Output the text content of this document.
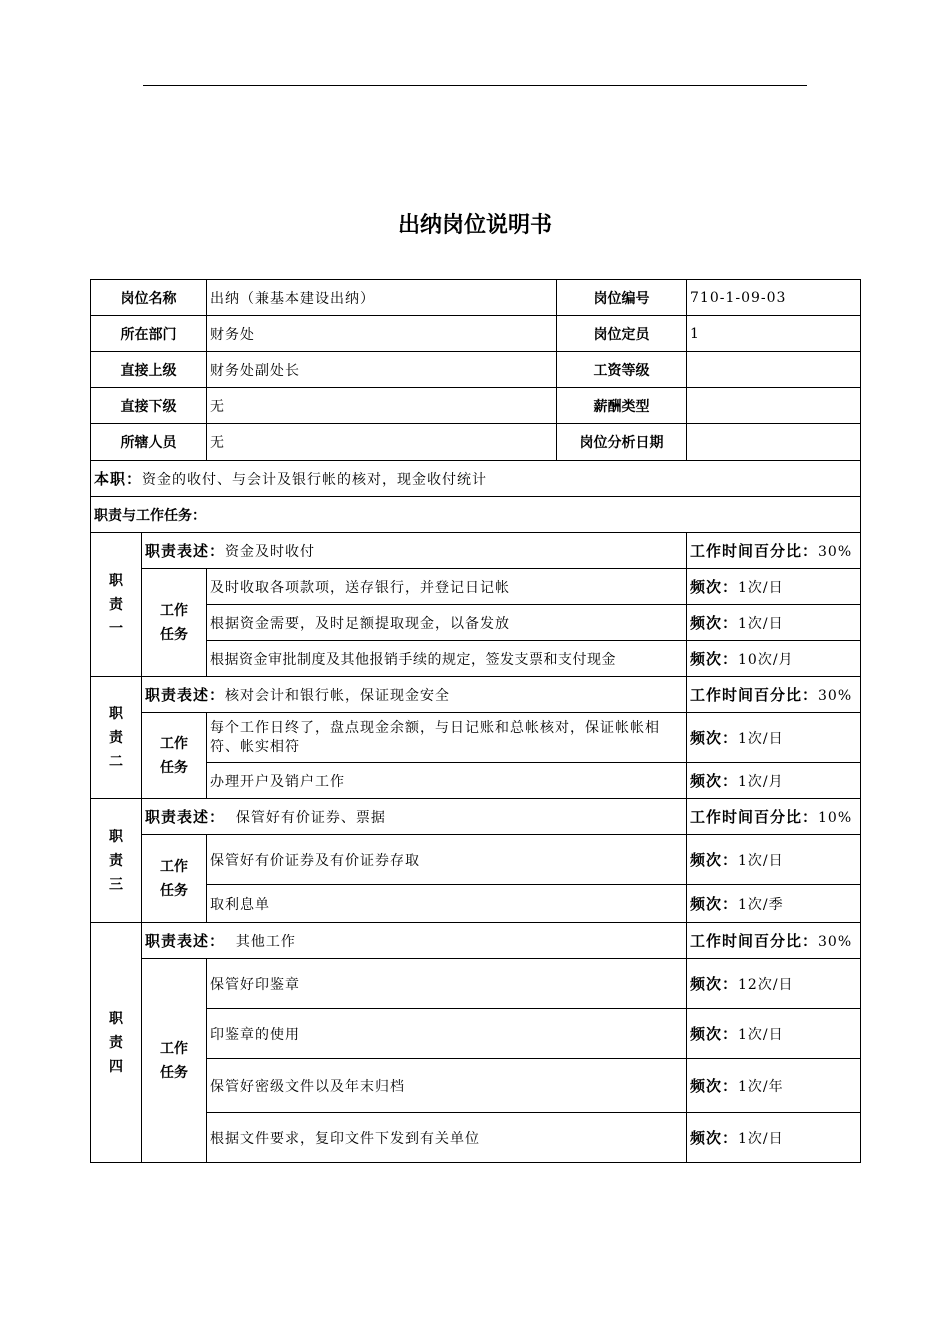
出纳岗位说明书
岗位名称		出纳（兼基本建设出纳）	岗位编号	710-1-09-03
所在部门		财务处	岗位定员	1
直接上级		财务处副处长	工资等级	
直接下级		无	薪酬类型	
所辖人员		无	岗位分析日期	
本职：资金的收付、与会计及银行帐的核对，现金收付统计				
职责与工作任务：				

职
责
一	职责表述：资金及时收付			工作时间百分比：30%

	工作
任务	及时收取各项款项，送存银行，并登记日记帐		频次：1次/日
		根据资金需要，及时足额提取现金，以备发放		频次：1次/日
		根据资金审批制度及其他报销手续的规定，签发支票和支付现金		频次：10次/月

职
责
二	职责表述：核对会计和银行帐，保证现金安全			工作时间百分比：30%

	工作
任务	每个工作日终了，盘点现金余额，与日记账和总帐核对，保证帐帐相符、帐实相符		频次：1次/日
		办理开户及销户工作		频次：1次/月

职
责
三	职责表述： 保管好有价证券、票据			工作时间百分比：10%

	工作
任务	保管好有价证券及有价证券存取		频次：1次/日
		取利息单		频次：1次/季

职
责
四	职责表述： 其他工作			工作时间百分比：30%

	工作
任务	保管好印鉴章		频次：12次/日
		印鉴章的使用		频次：1次/日
		保管好密级文件以及年末归档		频次：1次/年
		根据文件要求，复印文件下发到有关单位		频次：1次/日
